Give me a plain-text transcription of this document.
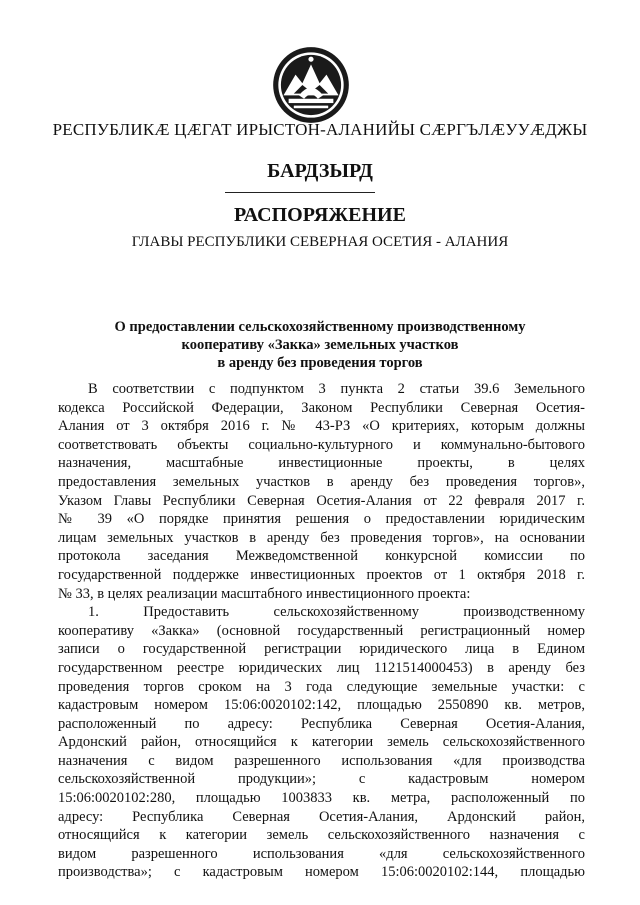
РЕСПУБЛИКӔ ЦӔГАТ ИРЫСТОН-АЛАНИЙЫ СӔРГЪЛӔУУӔДЖЫ
БАРДЗЫРД
РАСПОРЯЖЕНИЕ
ГЛАВЫ РЕСПУБЛИКИ СЕВЕРНАЯ ОСЕТИЯ - АЛАНИЯ
О предоставлении сельскохозяйственному производственному
кооперативу «Закка» земельных участков
в аренду без проведения торгов
В соответствии с подпунктом 3 пункта 2 статьи 39.6 Земельного
кодекса Российской Федерации, Законом Республики Северная Осетия-
Алания от 3 октября 2016 г. № 43-РЗ «О критериях, которым должны
соответствовать объекты социально-культурного и коммунально-бытового
назначения, масштабные инвестиционные проекты, в целях
предоставления земельных участков в аренду без проведения торгов»,
Указом Главы Республики Северная Осетия-Алания от 22 февраля 2017 г.
№ 39 «О порядке принятия решения о предоставлении юридическим
лицам земельных участков в аренду без проведения торгов», на основании
протокола заседания Межведомственной конкурсной комиссии по
государственной поддержке инвестиционных проектов от 1 октября 2018 г.
№ 33, в целях реализации масштабного инвестиционного проекта:
1. Предоставить сельскохозяйственному производственному
кооперативу «Закка» (основной государственный регистрационный номер
записи о государственной регистрации юридического лица в Едином
государственном реестре юридических лиц 1121514000453) в аренду без
проведения торгов сроком на 3 года следующие земельные участки: с
кадастровым номером 15:06:0020102:142, площадью 2550890 кв. метров,
расположенный по адресу: Республика Северная Осетия-Алания,
Ардонский район, относящийся к категории земель сельскохозяйственного
назначения с видом разрешенного использования «для производства
сельскохозяйственной продукции»; с кадастровым номером
15:06:0020102:280, площадью 1003833 кв. метра, расположенный по
адресу: Республика Северная Осетия-Алания, Ардонский район,
относящийся к категории земель сельскохозяйственного назначения с
видом разрешенного использования «для сельскохозяйственного
производства»; с кадастровым номером 15:06:0020102:144, площадью
